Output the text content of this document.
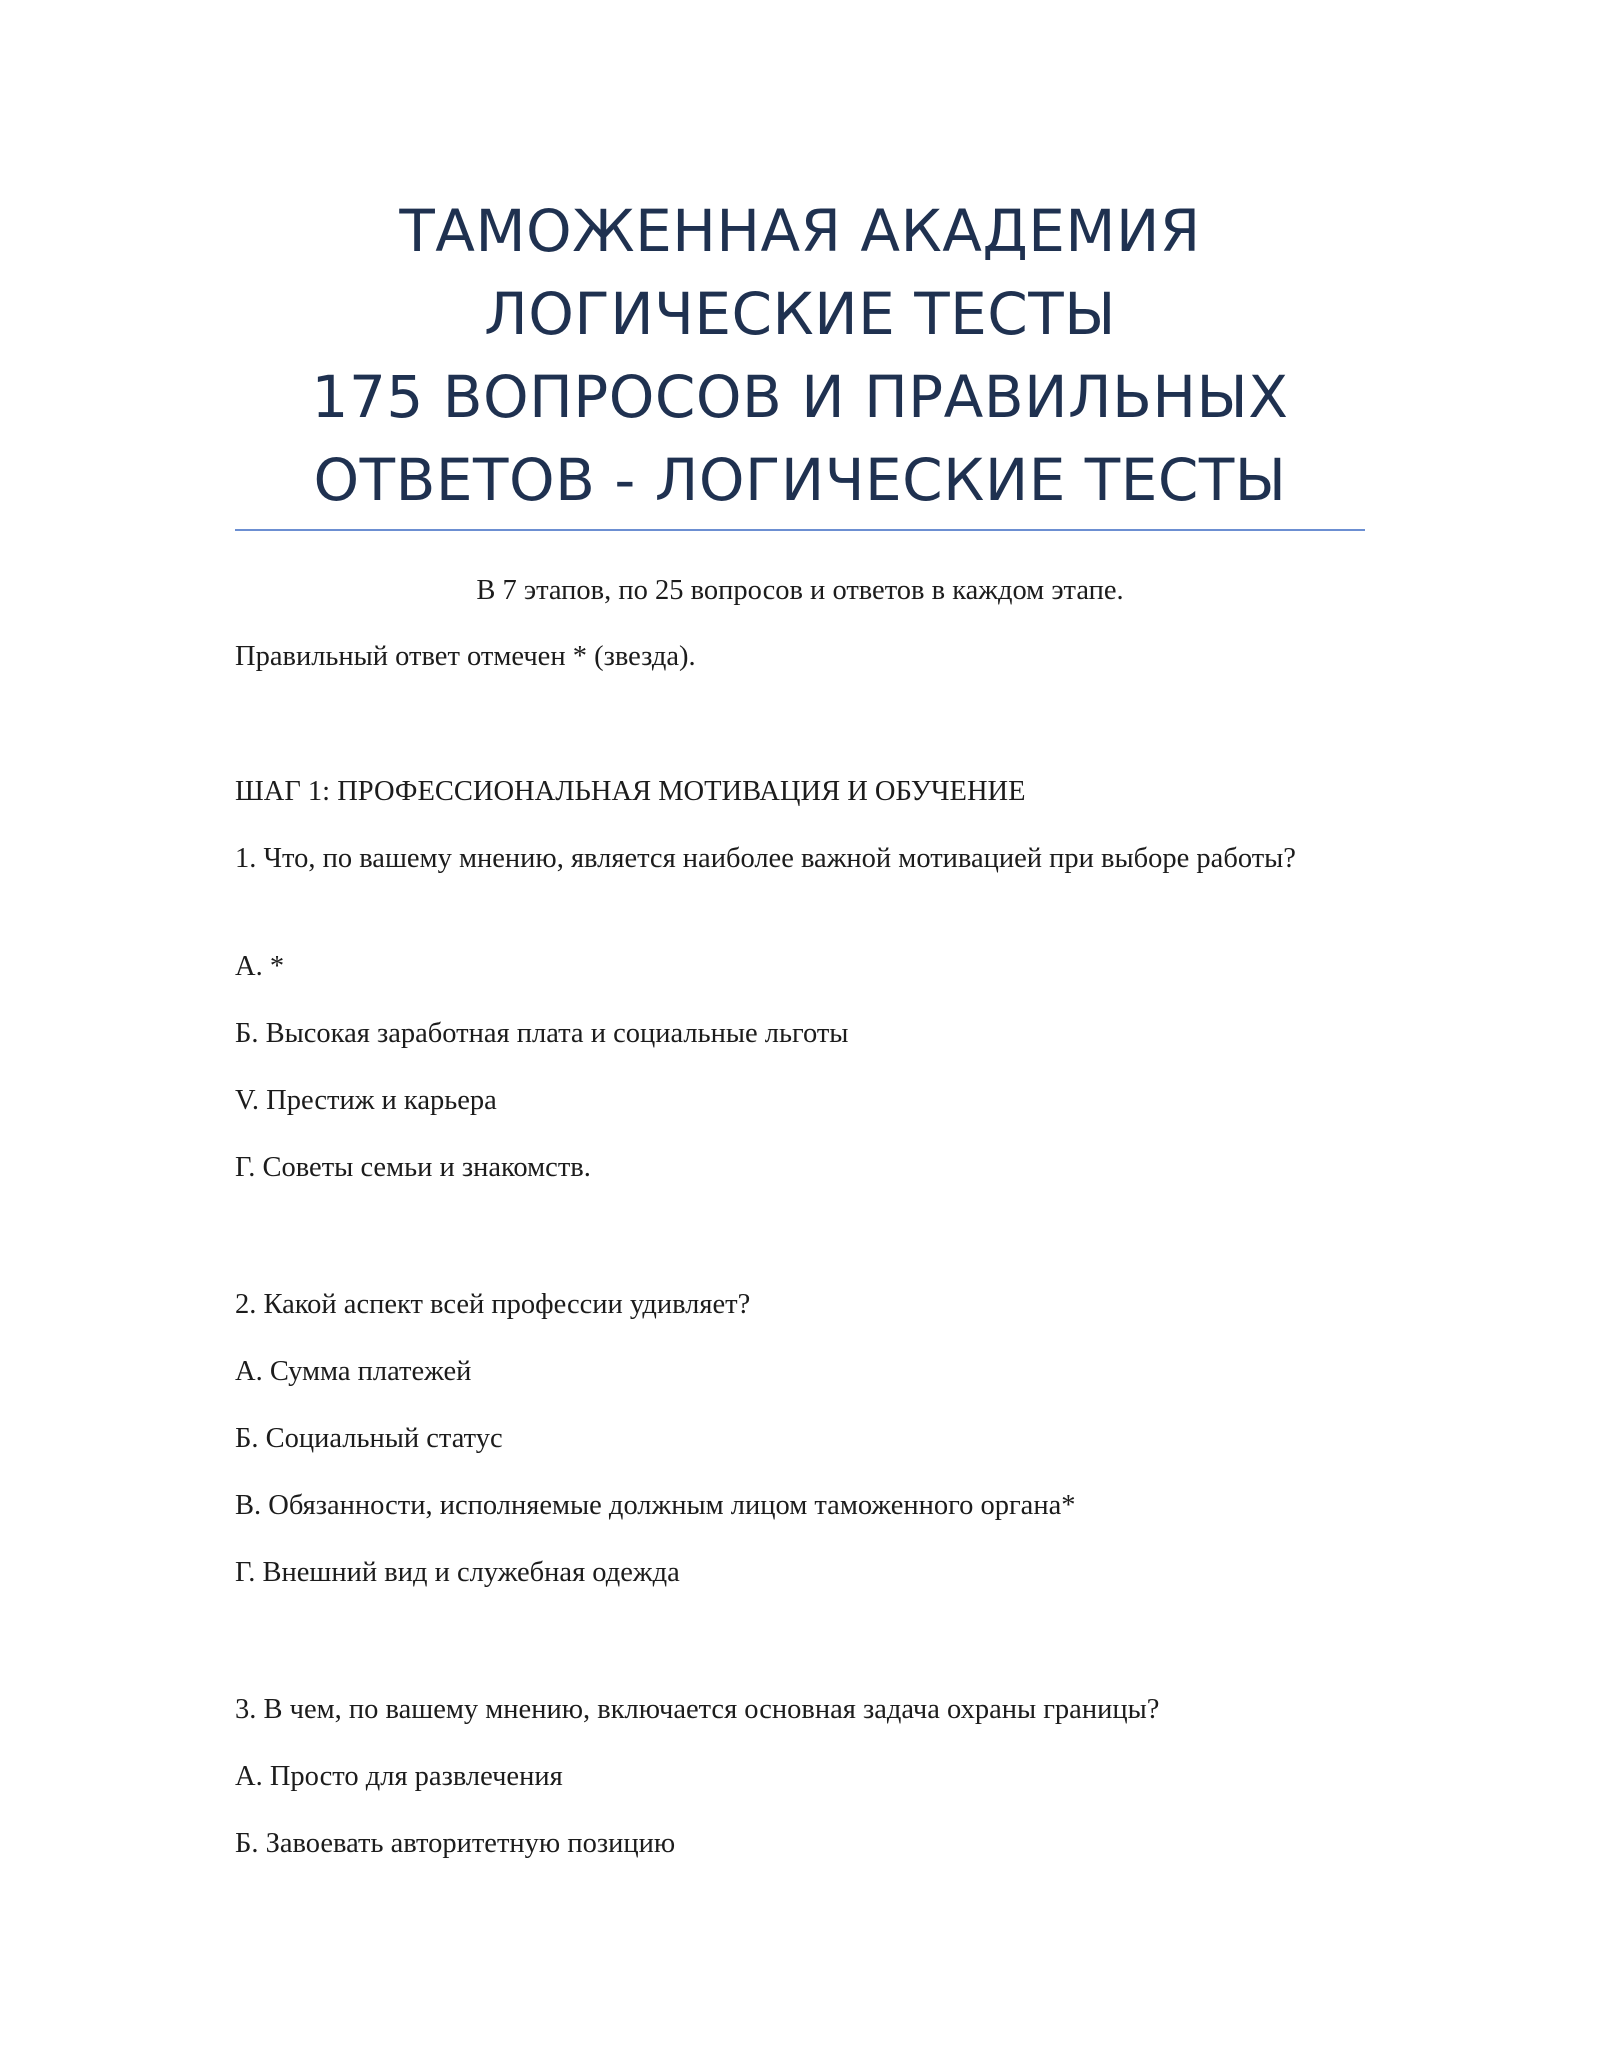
ТАМОЖЕННАЯ АКАДЕМИЯ
ЛОГИЧЕСКИЕ ТЕСТЫ
175 ВОПРОСОВ И ПРАВИЛЬНЫХ
ОТВЕТОВ - ЛОГИЧЕСКИЕ ТЕСТЫ
В 7 этапов, по 25 вопросов и ответов в каждом этапе.
Правильный ответ отмечен * (звезда).
ШАГ 1: ПРОФЕССИОНАЛЬНАЯ МОТИВАЦИЯ И ОБУЧЕНИЕ
1. Что, по вашему мнению, является наиболее важной мотивацией при выборе работы?
A. *
Б. Высокая заработная плата и социальные льготы
V. Престиж и карьера
Г. Советы семьи и знакомств.
2. Какой аспект всей профессии удивляет?
А. Сумма платежей
Б. Социальный статус
В. Обязанности, исполняемые должным лицом таможенного органа*
Г. Внешний вид и служебная одежда
3. В чем, по вашему мнению, включается основная задача охраны границы?
А. Просто для развлечения
Б. Завоевать авторитетную позицию
